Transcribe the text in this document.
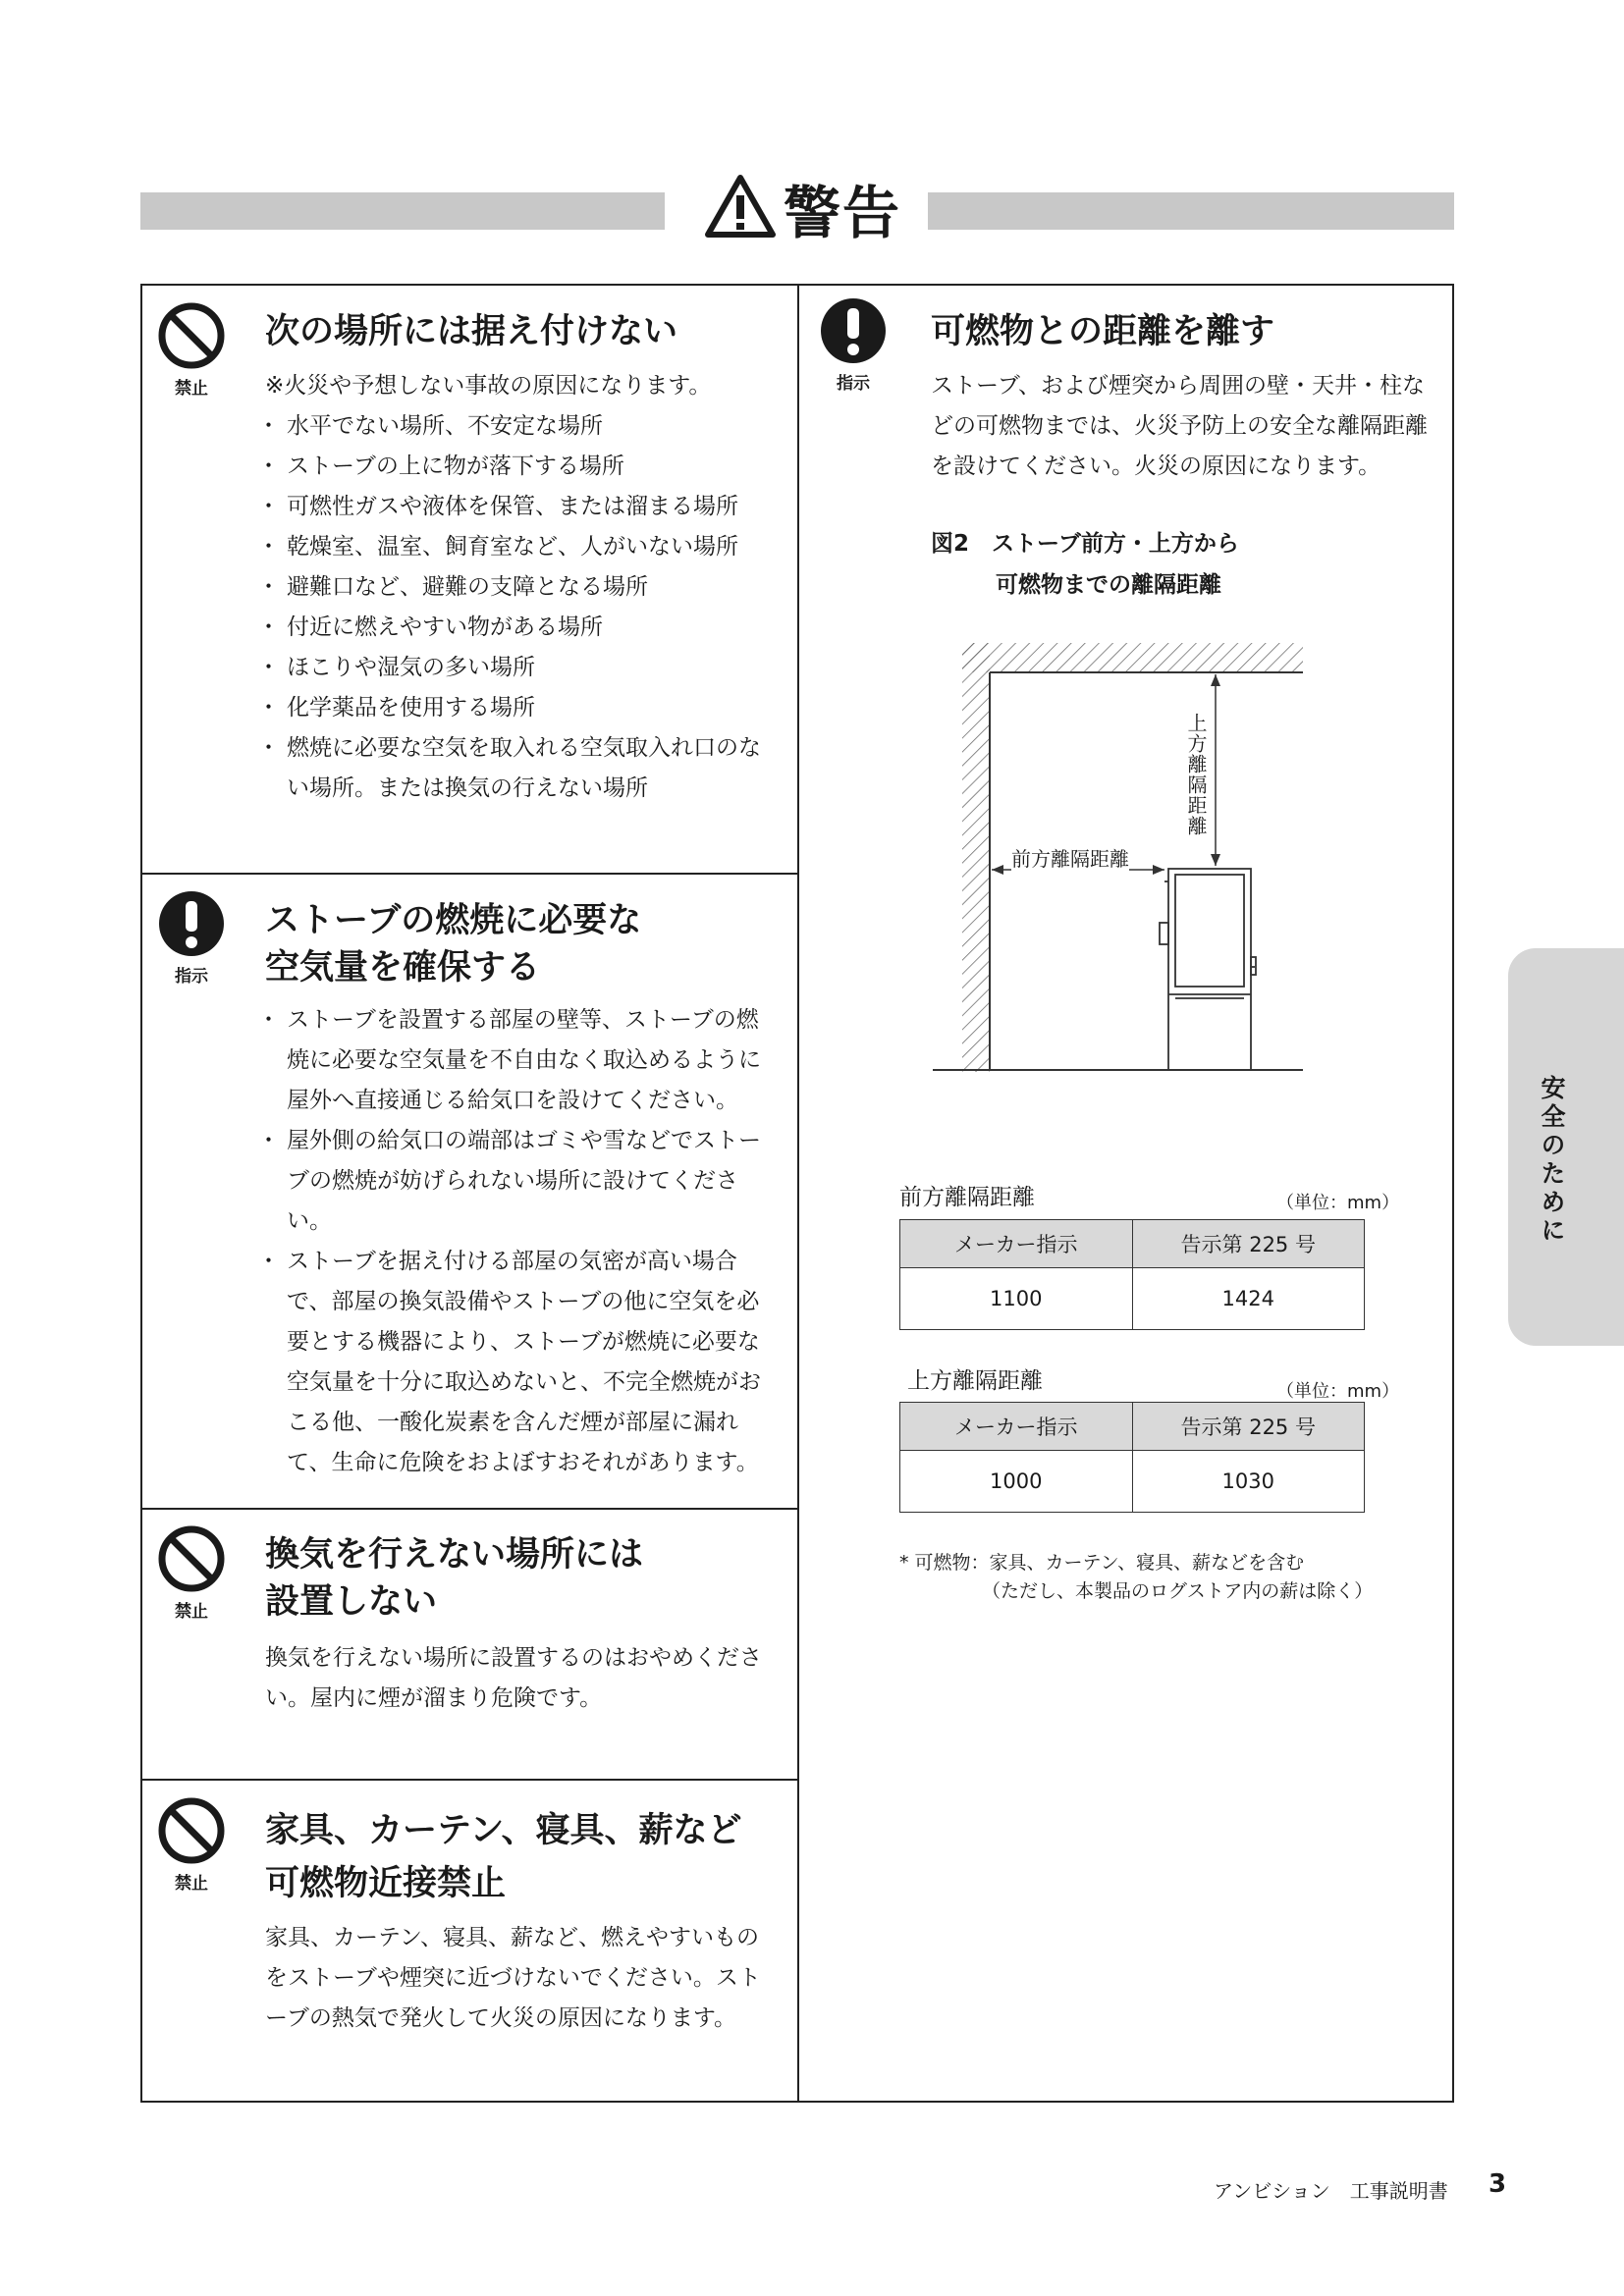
警告
禁止
次の場所には据え付けない
※火災や予想しない事故の原因になります。
・ 水平でない場所、不安定な場所
・ ストーブの上に物が落下する場所
・ 可燃性ガスや液体を保管、または溜まる場所
・ 乾燥室、温室、飼育室など、人がいない場所
・ 避難口など、避難の支障となる場所
・ 付近に燃えやすい物がある場所
・ ほこりや湿気の多い場所
・ 化学薬品を使用する場所
・ 燃焼に必要な空気を取入れる空気取入れ口のない場所。または換気の行えない場所
指示
ストーブの燃焼に必要な
空気量を確保する
・ ストーブを設置する部屋の壁等、ストーブの燃焼に必要な空気量を不自由なく取込めるように屋外へ直接通じる給気口を設けてください。
・ 屋外側の給気口の端部はゴミや雪などでストーブの燃焼が妨げられない場所に設けてください。
・ ストーブを据え付ける部屋の気密が高い場合で、部屋の換気設備やストーブの他に空気を必要とする機器により、ストーブが燃焼に必要な空気量を十分に取込めないと、不完全燃焼がおこる他、一酸化炭素を含んだ煙が部屋に漏れて、生命に危険をおよぼすおそれがあります。
禁止
換気を行えない場所には
設置しない
換気を行えない場所に設置するのはおやめください。屋内に煙が溜まり危険です。
禁止
家具、カーテン、寝具、薪など
可燃物近接禁止
家具、カーテン、寝具、薪など、燃えやすいものをストーブや煙突に近づけないでください。ストーブの熱気で発火して火災の原因になります。
指示
可燃物との距離を離す
ストーブ、および煙突から周囲の壁・天井・柱などの可燃物までは、火災予防上の安全な離隔距離を設けてください。火災の原因になります。
図2　ストーブ前方・上方から
可燃物までの離隔距離
上方離隔距離
前方離隔距離
前方離隔距離	（単位：mm）
メーカー指示	告示第 225 号
1100	1424
上方離隔距離	（単位：mm）
メーカー指示	告示第 225 号
1000	1030
* 可燃物：家具、カーテン、寝具、薪などを含む
（ただし、本製品のログストア内の薪は除く）
安全のために
アンビション　工事説明書 3
